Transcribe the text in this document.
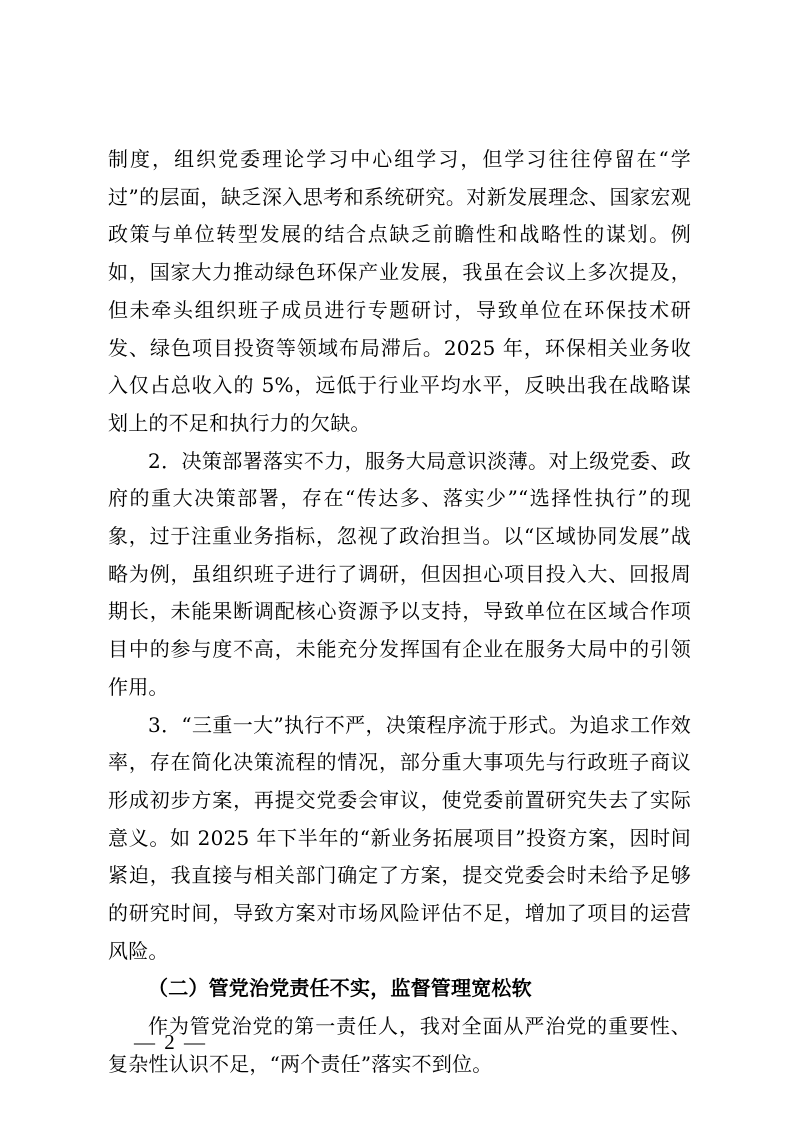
制度，组织党委理论学习中心组学习，但学习往往停留在“学过”的层面，缺乏深入思考和系统研究。对新发展理念、国家宏观政策与单位转型发展的结合点缺乏前瞻性和战略性的谋划。例如，国家大力推动绿色环保产业发展，我虽在会议上多次提及，但未牵头组织班子成员进行专题研讨，导致单位在环保技术研发、绿色项目投资等领域布局滞后。2025 年，环保相关业务收入仅占总收入的 5%，远低于行业平均水平，反映出我在战略谋划上的不足和执行力的欠缺。

2．决策部署落实不力，服务大局意识淡薄。对上级党委、政府的重大决策部署，存在“传达多、落实少”“选择性执行”的现象，过于注重业务指标，忽视了政治担当。以“区域协同发展”战略为例，虽组织班子进行了调研，但因担心项目投入大、回报周期长，未能果断调配核心资源予以支持，导致单位在区域合作项目中的参与度不高，未能充分发挥国有企业在服务大局中的引领作用。

3．“三重一大”执行不严，决策程序流于形式。为追求工作效率，存在简化决策流程的情况，部分重大事项先与行政班子商议形成初步方案，再提交党委会审议，使党委前置研究失去了实际意义。如 2025 年下半年的“新业务拓展项目”投资方案，因时间紧迫，我直接与相关部门确定了方案，提交党委会时未给予足够的研究时间，导致方案对市场风险评估不足，增加了项目的运营风险。

（二）管党治党责任不实，监督管理宽松软

作为管党治党的第一责任人，我对全面从严治党的重要性、复杂性认识不足，“两个责任”落实不到位。

— 2 —
